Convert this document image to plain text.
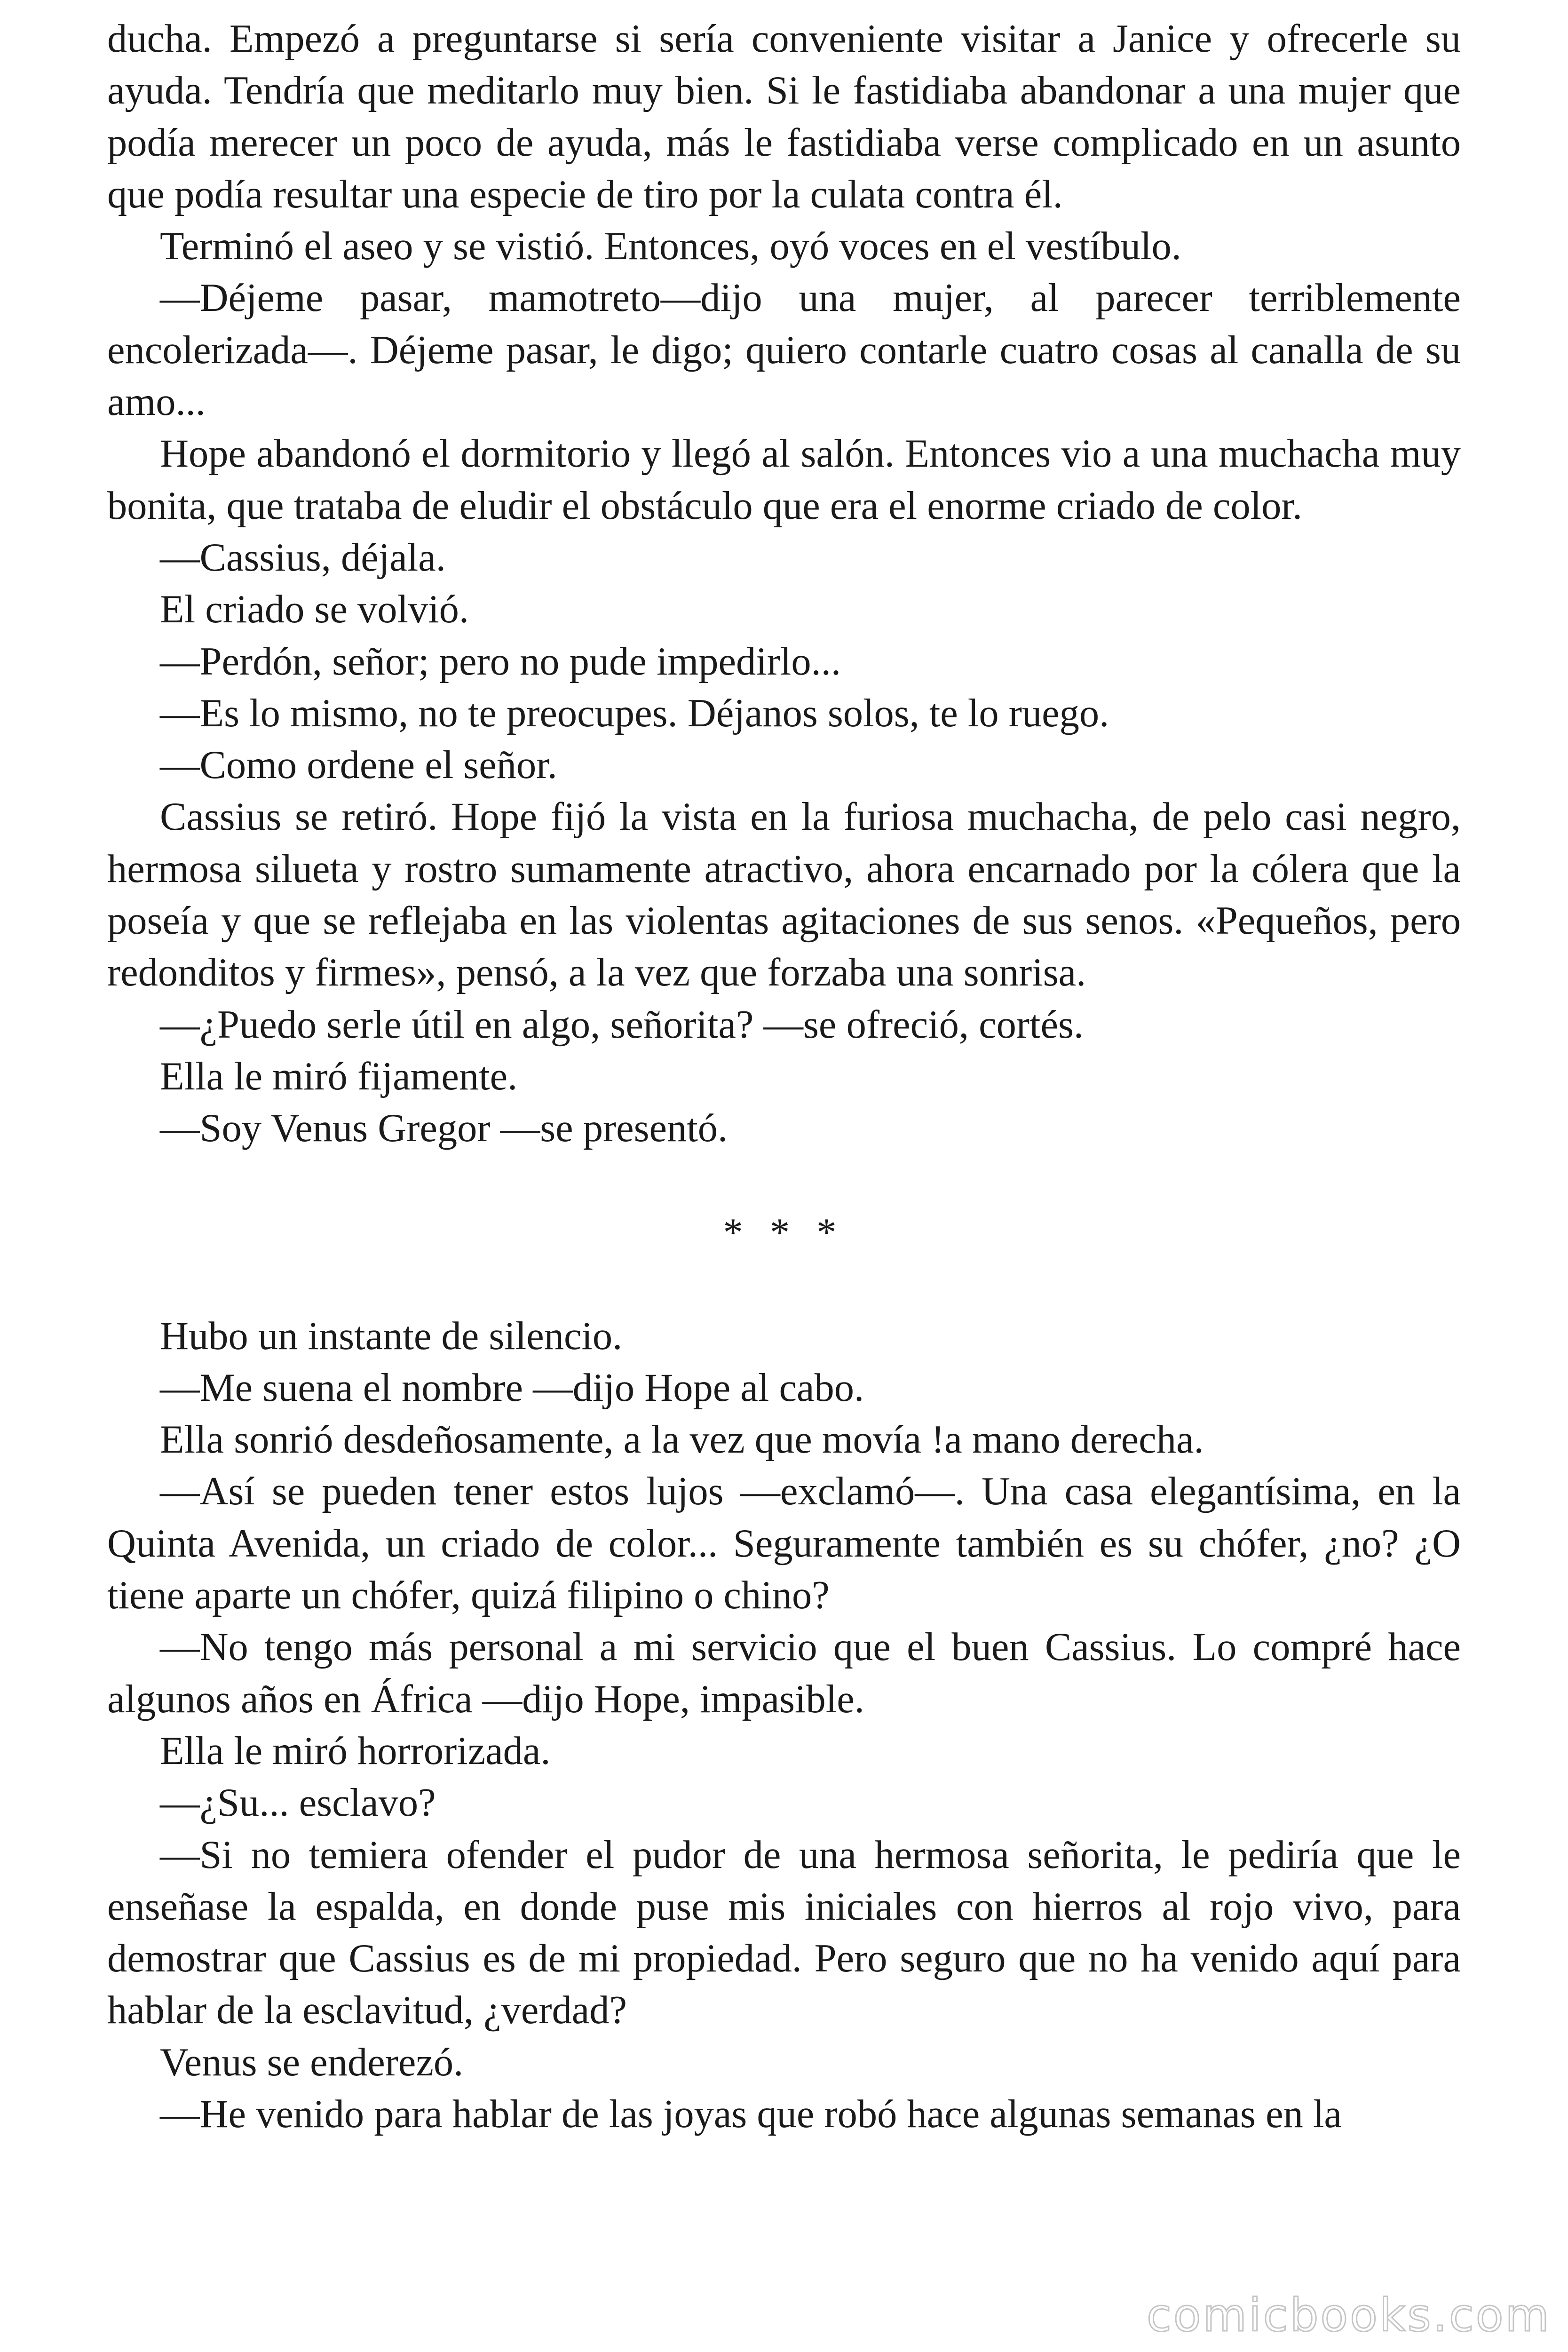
ducha. Empezó a preguntarse si sería conveniente visitar a Janice y ofrecerle su ayuda. Tendría que meditarlo muy bien. Si le fastidiaba abandonar a una mujer que podía merecer un poco de ayuda, más le fastidiaba verse complicado en un asunto que podía resultar una especie de tiro por la culata contra él.

Terminó el aseo y se vistió. Entonces, oyó voces en el vestíbulo.

—Déjeme pasar, mamotreto—dijo una mujer, al parecer terriblemente encolerizada—. Déjeme pasar, le digo; quiero contarle cuatro cosas al canalla de su amo...

Hope abandonó el dormitorio y llegó al salón. Entonces vio a una muchacha muy bonita, que trataba de eludir el obstáculo que era el enorme criado de color.

—Cassius, déjala.

El criado se volvió.

—Perdón, señor; pero no pude impedirlo...

—Es lo mismo, no te preocupes. Déjanos solos, te lo ruego.

—Como ordene el señor.

Cassius se retiró. Hope fijó la vista en la furiosa muchacha, de pelo casi negro, hermosa silueta y rostro sumamente atractivo, ahora encarnado por la cólera que la poseía y que se reflejaba en las violentas agitaciones de sus senos. «Pequeños, pero redonditos y firmes», pensó, a la vez que forzaba una sonrisa.

—¿Puedo serle útil en algo, señorita? —se ofreció, cortés.

Ella le miró fijamente.

—Soy Venus Gregor —se presentó.

* * *

Hubo un instante de silencio.

—Me suena el nombre —dijo Hope al cabo.

Ella sonrió desdeñosamente, a la vez que movía !a mano derecha.

—Así se pueden tener estos lujos —exclamó—. Una casa elegantísima, en la Quinta Avenida, un criado de color... Seguramente también es su chófer, ¿no? ¿O tiene aparte un chófer, quizá filipino o chino?

—No tengo más personal a mi servicio que el buen Cassius. Lo compré hace algunos años en África —dijo Hope, impasible.

Ella le miró horrorizada.

—¿Su... esclavo?

—Si no temiera ofender el pudor de una hermosa señorita, le pediría que le enseñase la espalda, en donde puse mis iniciales con hierros al rojo vivo, para demostrar que Cassius es de mi propiedad. Pero seguro que no ha venido aquí para hablar de la esclavitud, ¿verdad?

Venus se enderezó.

—He venido para hablar de las joyas que robó hace algunas semanas en la

comicbooks.com
